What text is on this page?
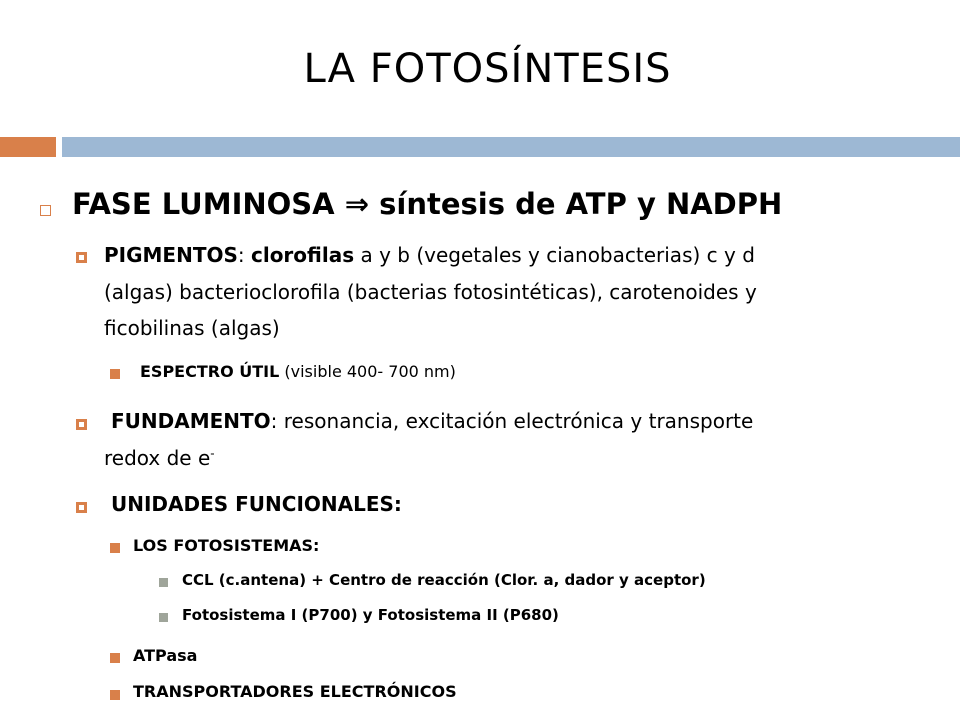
LA FOTOSÍNTESIS
FASE LUMINOSA ⇒ síntesis de ATP y NADPH
PIGMENTOS: clorofilas a y b (vegetales y cianobacterias) c y d
(algas) bacterioclorofila (bacterias fotosintéticas), carotenoides y
ficobilinas (algas)
ESPECTRO ÚTIL (visible 400- 700 nm)
FUNDAMENTO: resonancia, excitación electrónica y transporte
redox de e-
UNIDADES FUNCIONALES:
LOS FOTOSISTEMAS:
CCL (c.antena) + Centro de reacción (Clor. a, dador y aceptor)
Fotosistema I (P700) y Fotosistema II (P680)
ATPasa
TRANSPORTADORES ELECTRÓNICOS
